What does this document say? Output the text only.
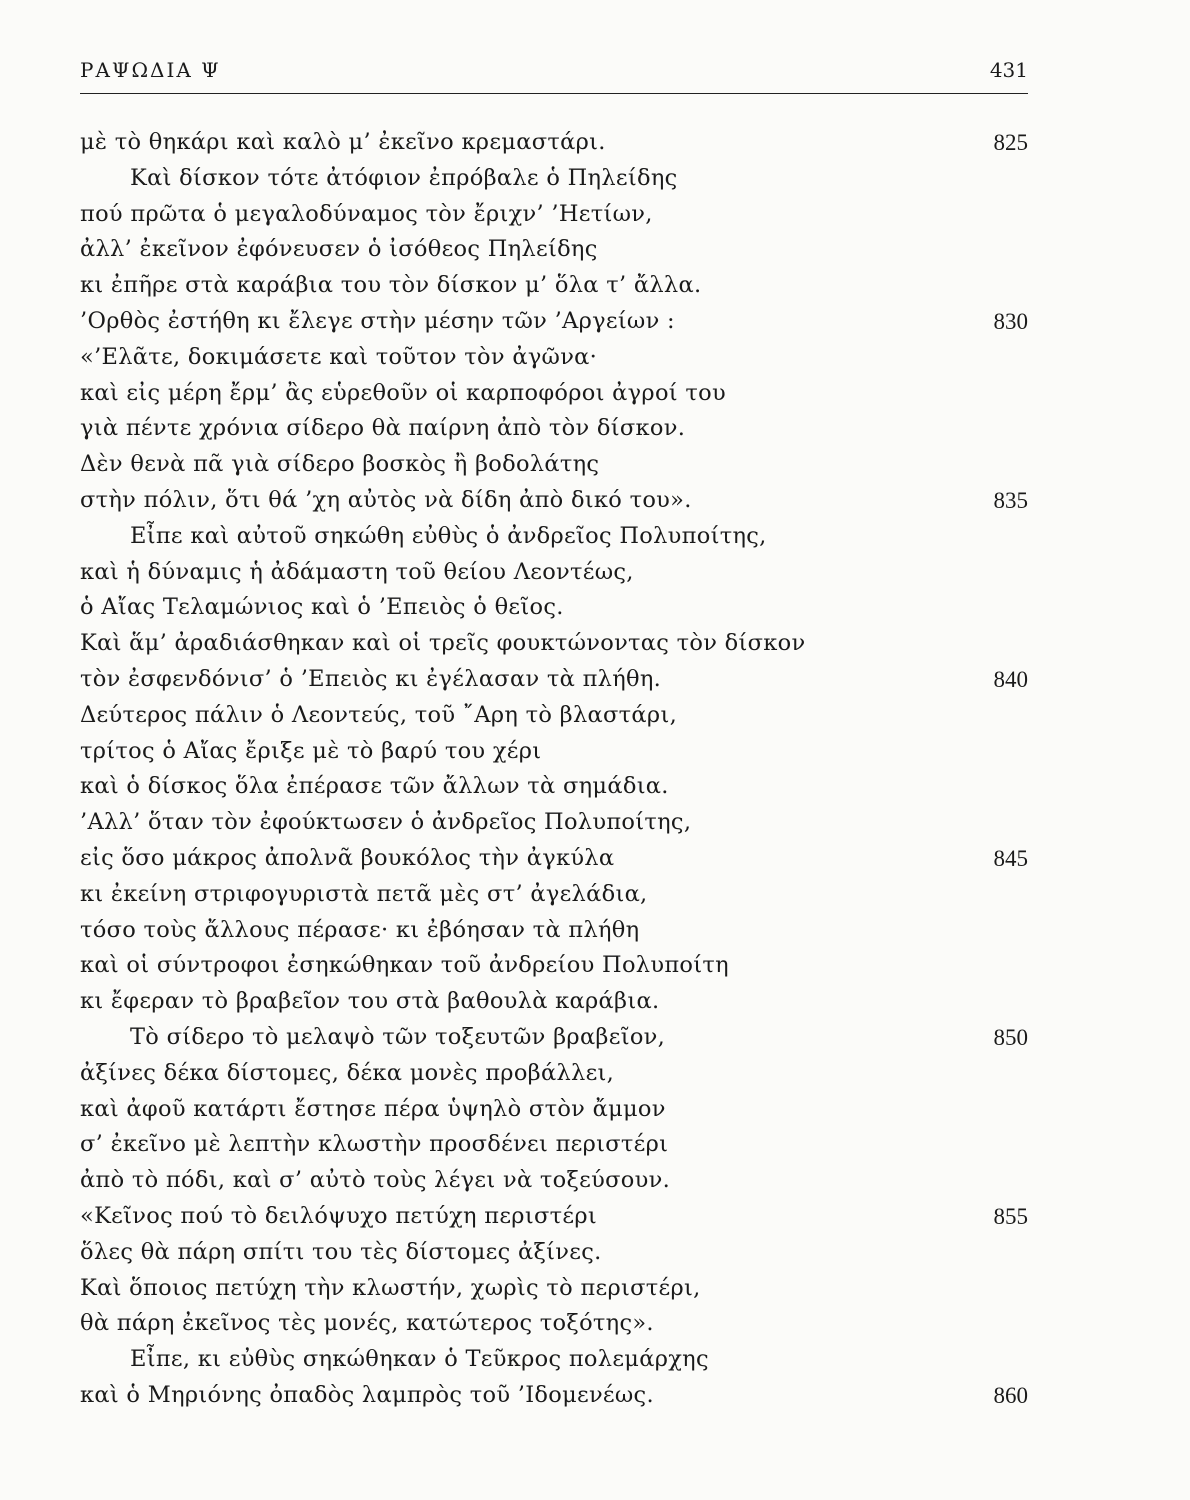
ΡΑΨΩΔΙΑ Ψ	431
μὲ τὸ θηκάρι καὶ καλὸ μ’ ἐκεῖνο κρεμαστάρι.	825
Καὶ δίσκον τότε ἀτόφιον ἐπρόβαλε ὁ Πηλείδης
πού πρῶτα ὁ μεγαλοδύναμος τὸν ἔριχν’ ’Ηετίων,
ἀλλ’ ἐκεῖνον ἐφόνευσεν ὁ ἰσόθεος Πηλείδης
κι ἐπῆρε στὰ καράβια του τὸν δίσκον μ’ ὅλα τ’ ἄλλα.
’Ορθὸς ἐστήθη κι ἔλεγε στὴν μέσην τῶν ’Αργείων :	830
«’Ελᾶτε, δοκιμάσετε καὶ τοῦτον τὸν ἀγῶνα·
καὶ εἰς μέρη ἔρμ’ ἂς εὑρεθοῦν οἱ καρποφόροι ἀγροί του
γιὰ πέντε χρόνια σίδερο θὰ παίρνη ἀπὸ τὸν δίσκον.
Δὲν θενὰ πᾶ γιὰ σίδερο βοσκὸς ἢ βοδολάτης
στὴν πόλιν, ὅτι θά ’χη αὐτὸς νὰ δίδη ἀπὸ δικό του».	835
Εἶπε καὶ αὐτοῦ σηκώθη εὐθὺς ὁ ἀνδρεῖος Πολυποίτης,
καὶ ἡ δύναμις ἡ ἀδάμαστη τοῦ θείου Λεοντέως,
ὁ Αἴας Τελαμώνιος καὶ ὁ ’Επειὸς ὁ θεῖος.
Καὶ ἅμ’ ἀραδιάσθηκαν καὶ οἱ τρεῖς φουκτώνοντας τὸν δίσκον
τὸν ἐσφενδόνισ’ ὁ ’Επειὸς κι ἐγέλασαν τὰ πλήθη.	840
Δεύτερος πάλιν ὁ Λεοντεύς, τοῦ ῎Αρη τὸ βλαστάρι,
τρίτος ὁ Αἴας ἔριξε μὲ τὸ βαρύ του χέρι
καὶ ὁ δίσκος ὅλα ἐπέρασε τῶν ἄλλων τὰ σημάδια.
’Αλλ’ ὅταν τὸν ἐφούκτωσεν ὁ ἀνδρεῖος Πολυποίτης,
εἰς ὅσο μάκρος ἀπολνᾶ βουκόλος τὴν ἀγκύλα	845
κι ἐκείνη στριφογυριστὰ πετᾶ μὲς στ’ ἀγελάδια,
τόσο τοὺς ἄλλους πέρασε· κι ἐβόησαν τὰ πλήθη
καὶ οἱ σύντροφοι ἐσηκώθηκαν τοῦ ἀνδρείου Πολυποίτη
κι ἔφεραν τὸ βραβεῖον του στὰ βαθουλὰ καράβια.
Τὸ σίδερο τὸ μελαψὸ τῶν τοξευτῶν βραβεῖον,	850
ἀξίνες δέκα δίστομες, δέκα μονὲς προβάλλει,
καὶ ἀφοῦ κατάρτι ἔστησε πέρα ὑψηλὸ στὸν ἄμμον
σ’ ἐκεῖνο μὲ λεπτὴν κλωστὴν προσδένει περιστέρι
ἀπὸ τὸ πόδι, καὶ σ’ αὐτὸ τοὺς λέγει νὰ τοξεύσουν.
«Κεῖνος πού τὸ δειλόψυχο πετύχη περιστέρι	855
ὅλες θὰ πάρη σπίτι του τὲς δίστομες ἀξίνες.
Καὶ ὅποιος πετύχη τὴν κλωστήν, χωρὶς τὸ περιστέρι,
θὰ πάρη ἐκεῖνος τὲς μονές, κατώτερος τοξότης».
Εἶπε, κι εὐθὺς σηκώθηκαν ὁ Τεῦκρος πολεμάρχης
καὶ ὁ Μηριόνης ὀπαδὸς λαμπρὸς τοῦ ’Ιδομενέως.	860
